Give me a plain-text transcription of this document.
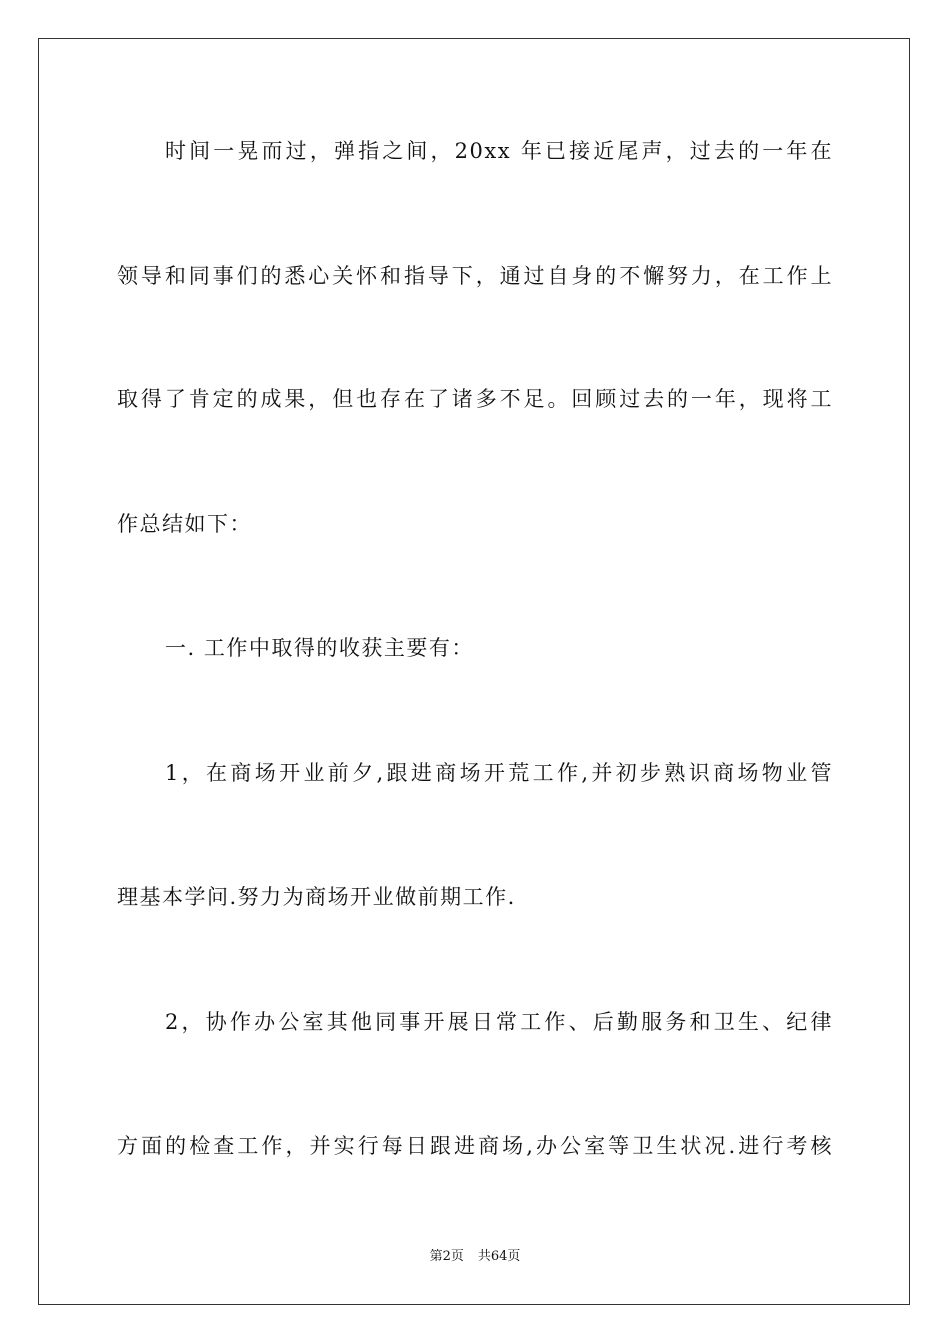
时间一晃而过，弹指之间，20xx 年已接近尾声，过去的一年在
领导和同事们的悉心关怀和指导下，通过自身的不懈努力，在工作上
取得了肯定的成果，但也存在了诸多不足。回顾过去的一年，现将工
作总结如下：
一. 工作中取得的收获主要有：
1，在商场开业前夕,跟进商场开荒工作,并初步熟识商场物业管
理基本学问.努力为商场开业做前期工作.
2，协作办公室其他同事开展日常工作、后勤服务和卫生、纪律
方面的检查工作，并实行每日跟进商场,办公室等卫生状况.进行考核
第2页 共64页
